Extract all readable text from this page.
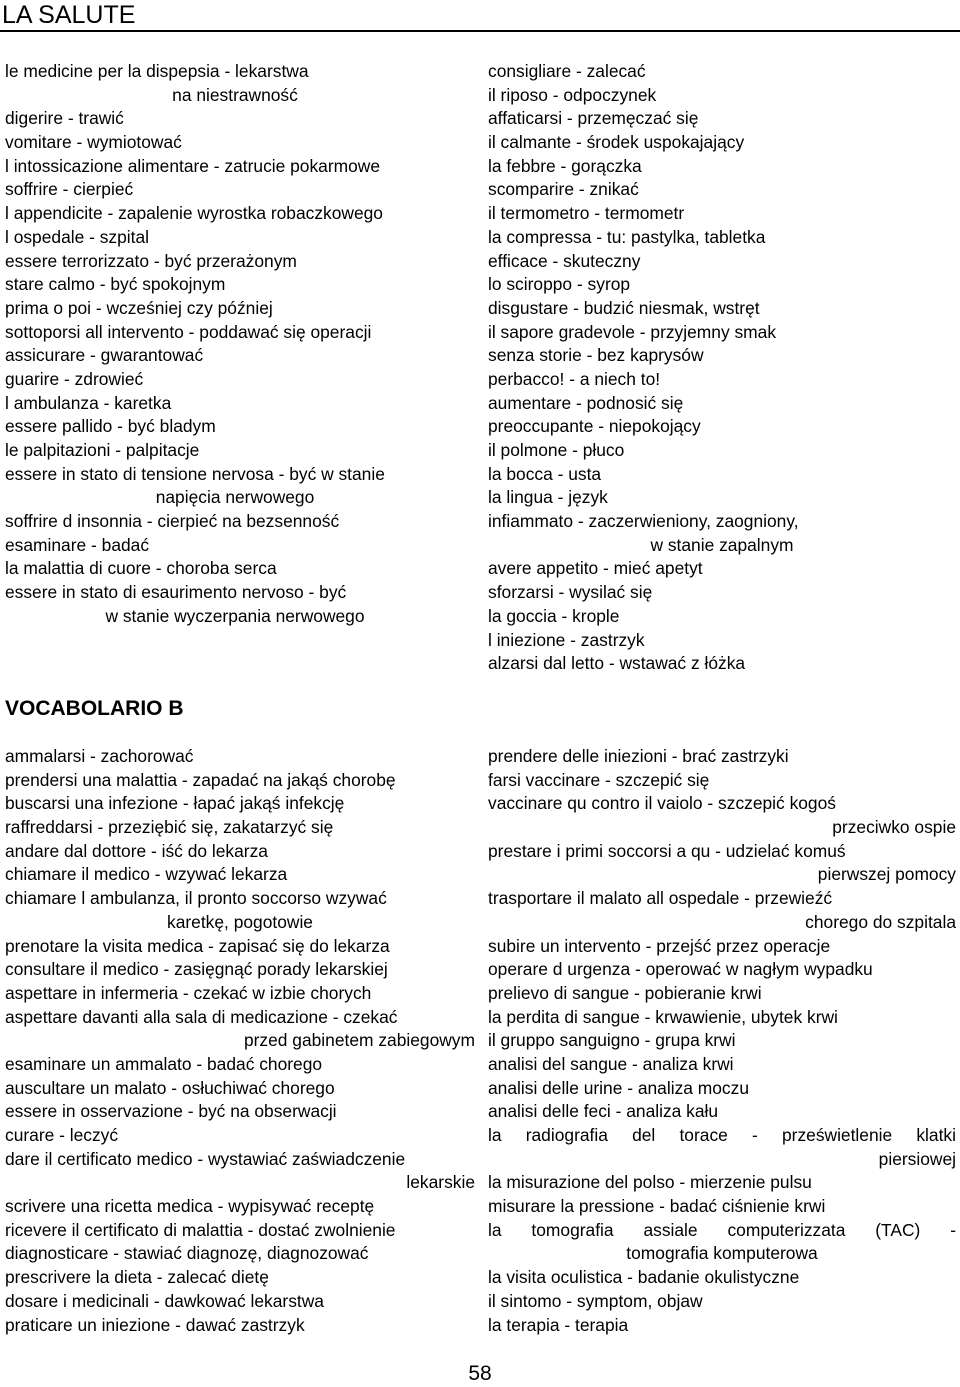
LA SALUTE
le medicine per la dispepsia - lekarstwa
na niestrawność
digerire - trawić
vomitare - wymiotować
l intossicazione alimentare - zatrucie pokarmowe
soffrire - cierpieć
l appendicite - zapalenie wyrostka robaczkowego
l ospedale - szpital
essere terrorizzato - być przerażonym
stare calmo - być spokojnym
prima o poi - wcześniej czy później
sottoporsi all intervento - poddawać się operacji
assicurare - gwarantować
guarire - zdrowieć
l ambulanza - karetka
essere pallido - być bladym
le palpitazioni - palpitacje
essere in stato di tensione nervosa - być w stanie
napięcia nerwowego
soffrire d insonnia - cierpieć na bezsenność
esaminare - badać
la malattia di cuore - choroba serca
essere in stato di esaurimento nervoso - być
w stanie wyczerpania nerwowego
consigliare - zalecać
il riposo - odpoczynek
affaticarsi - przemęczać się
il calmante - środek uspokajający
la febbre - gorączka
scomparire - znikać
il termometro - termometr
la compressa - tu: pastylka, tabletka
efficace - skuteczny
lo sciroppo - syrop
disgustare - budzić niesmak, wstręt
il sapore gradevole - przyjemny smak
senza storie - bez kaprysów
perbacco! - a niech to!
aumentare - podnosić się
preoccupante - niepokojący
il polmone - płuco
la bocca - usta
la lingua - język
infiammato - zaczerwieniony, zaogniony,
w stanie zapalnym
avere appetito - mieć apetyt
sforzarsi - wysilać się
la goccia - krople
l iniezione - zastrzyk
alzarsi dal letto - wstawać z łóżka
VOCABOLARIO B
ammalarsi - zachorować
prendersi una malattia - zapadać na jakąś chorobę
buscarsi una infezione - łapać jakąś infekcję
raffreddarsi - przeziębić się, zakatarzyć się
andare dal dottore - iść do lekarza
chiamare il medico - wzywać lekarza
chiamare l ambulanza, il pronto soccorso wzywać
karetkę, pogotowie
prenotare la visita medica - zapisać się do lekarza
consultare il medico - zasięgnąć porady lekarskiej
aspettare in infermeria - czekać w izbie chorych
aspettare davanti alla sala di medicazione - czekać
przed gabinetem zabiegowym
esaminare un ammalato - badać chorego
auscultare un malato - osłuchiwać chorego
essere in osservazione - być na obserwacji
curare - leczyć
dare il certificato medico - wystawiać zaświadczenie
lekarskie
scrivere una ricetta medica - wypisywać receptę
ricevere il certificato di malattia - dostać zwolnienie
diagnosticare - stawiać diagnozę, diagnozować
prescrivere la dieta - zalecać dietę
dosare i medicinali - dawkować lekarstwa
praticare un iniezione - dawać zastrzyk
prendere delle iniezioni - brać zastrzyki
farsi vaccinare - szczepić się
vaccinare qu contro il vaiolo - szczepić kogoś
przeciwko ospie
prestare i primi soccorsi a qu - udzielać komuś
pierwszej pomocy
trasportare il malato all ospedale - przewieźć
chorego do szpitala
subire un intervento - przejść przez operacje
operare d urgenza - operować w nagłym wypadku
prelievo di sangue - pobieranie krwi
la perdita di sangue - krwawienie, ubytek krwi
il gruppo sanguigno - grupa krwi
analisi del sangue - analiza krwi
analisi delle urine - analiza moczu
analisi delle feci - analiza kału
la radiografia del torace - prześwietlenie klatki
piersiowej
la misurazione del polso - mierzenie pulsu
misurare la pressione - badać ciśnienie krwi
la tomografia assiale computerizzata (TAC) -
tomografia komputerowa
la visita oculistica - badanie okulistyczne
il sintomo - symptom, objaw
la terapia - terapia
58
